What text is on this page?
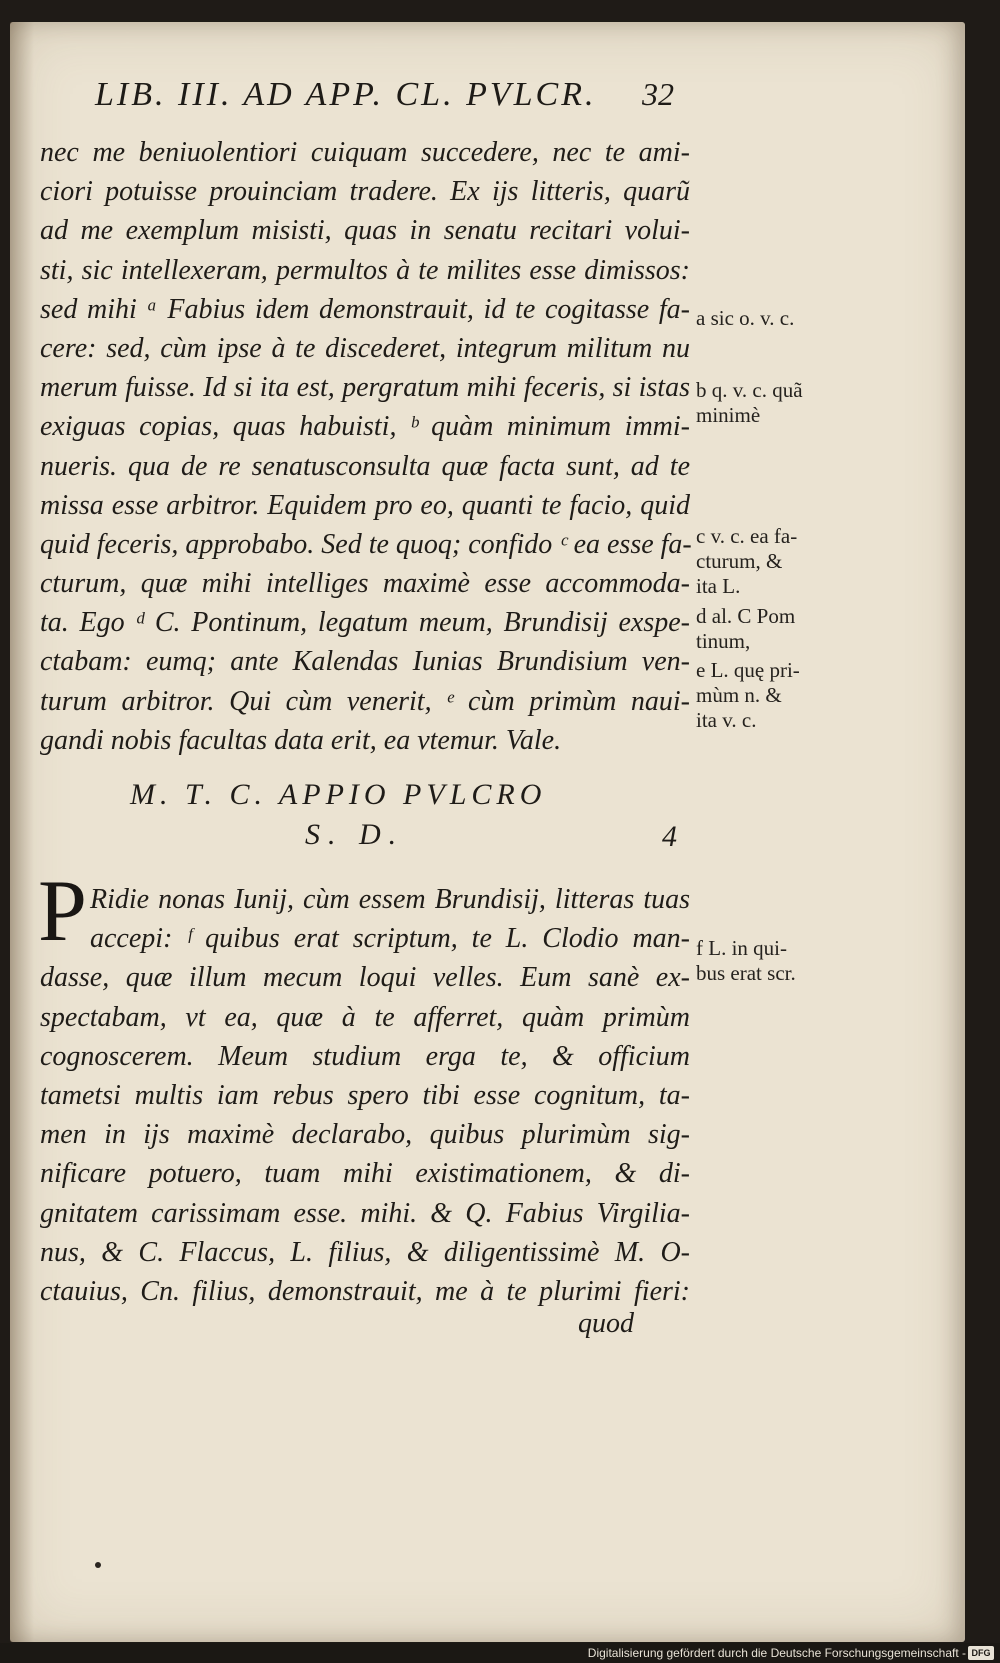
LIB. III. AD APP. CL. PVLCR. 32
nec me beniuolentiori cuiquam succedere, nec te ami-
ciori potuisse prouinciam tradere. Ex ijs litteris, quarũ
ad me exemplum misisti, quas in senatu recitari volui-
sti, sic intellexeram, permultos à te milites esse dimissos:
sed mihi ᵃ Fabius idem demonstrauit, id te cogitasse fa-
cere: sed, cùm ipse à te discederet, integrum militum nu
merum fuisse. Id si ita est, pergratum mihi feceris, si istas
exiguas copias, quas habuisti, ᵇ quàm minimum immi-
nueris. qua de re senatusconsulta quæ facta sunt, ad te
missa esse arbitror. Equidem pro eo, quanti te facio, quid
quid feceris, approbabo. Sed te quoq; confido ᶜ ea esse fa-
cturum, quæ mihi intelliges maximè esse accommoda-
ta. Ego ᵈ C. Pontinum, legatum meum, Brundisij exspe-
ctabam: eumq; ante Kalendas Iunias Brundisium ven-
turum arbitror. Qui cùm venerit, ᵉ cùm primùm naui-
gandi nobis facultas data erit, ea vtemur. Vale.
M. T. C. APPIO PVLCRO
S. D.	4
P Ridie nonas Iunij, cùm essem Brundisij, litteras tuas
accepi: ᶠ quibus erat scriptum, te L. Clodio man-
dasse, quæ illum mecum loqui velles. Eum sanè ex-
spectabam, vt ea, quæ à te afferret, quàm primùm
cognoscerem. Meum studium erga te, & officium
tametsi multis iam rebus spero tibi esse cognitum, ta-
men in ijs maximè declarabo, quibus plurimùm sig-
nificare potuero, tuam mihi existimationem, & di-
gnitatem carissimam esse. mihi. & Q. Fabius Virgilia-
nus, & C. Flaccus, L. filius, & diligentissimè M. O-
ctauius, Cn. filius, demonstrauit, me à te plurimi fieri:
quod
a sic o. v. c.
b q. v. c. quã
minimè
c v. c. ea fa-
cturum, &
ita L.
d al. C Pom
tinum,
e L. quę pri-
mùm n. &
ita v. c.
f L. in qui-
bus erat scr.
Digitalisierung gefördert durch die Deutsche Forschungsgemeinschaft - DFG
